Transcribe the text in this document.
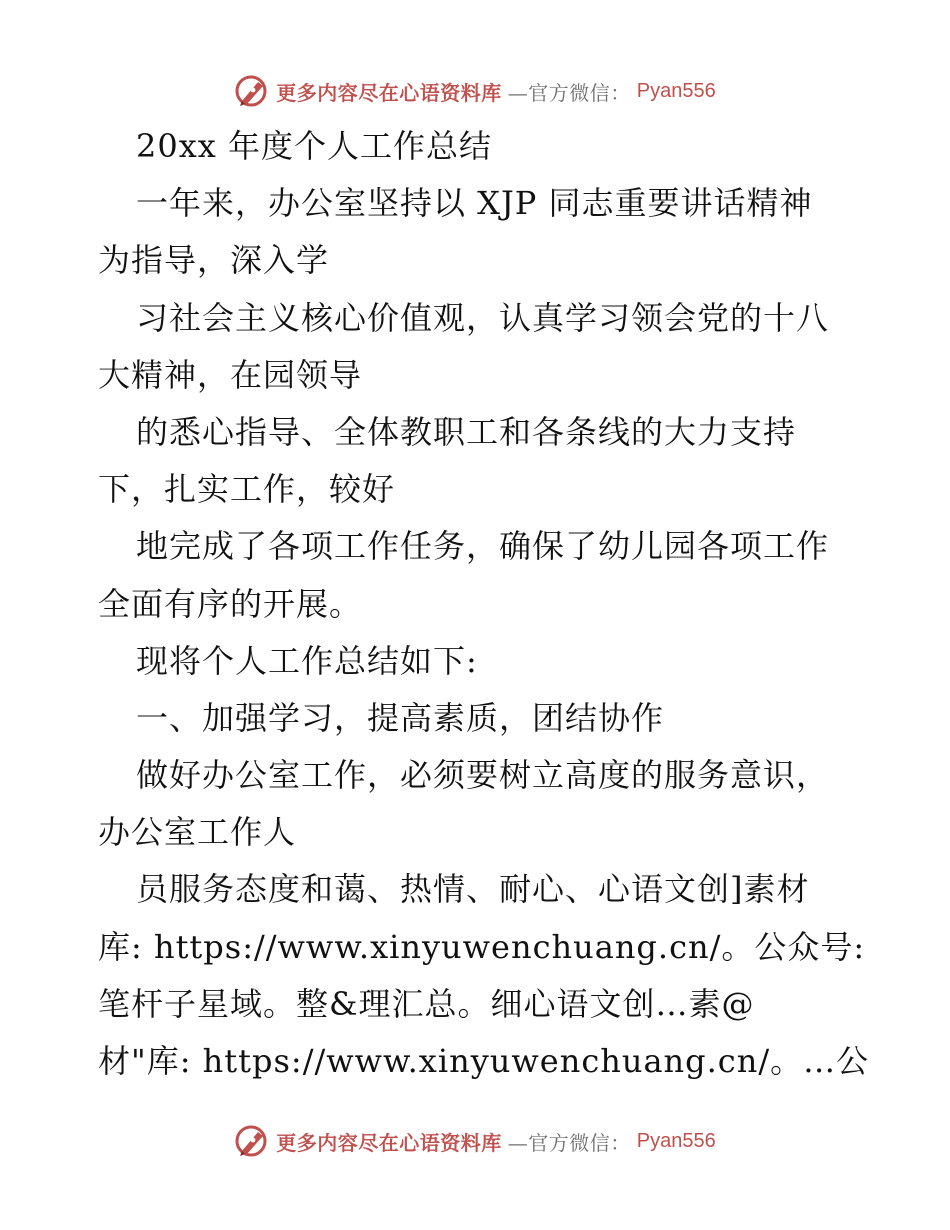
更多内容尽在心语资料库 —官方微信： Pyan556
20xx 年度个人工作总结
一年来，办公室坚持以 XJP 同志重要讲话精神
为指导，深入学
习社会主义核心价值观，认真学习领会党的十八
大精神，在园领导
的悉心指导、全体教职工和各条线的大力支持
下，扎实工作，较好
地完成了各项工作任务，确保了幼儿园各项工作
全面有序的开展。
现将个人工作总结如下:
一、加强学习，提高素质，团结协作
做好办公室工作，必须要树立高度的服务意识，
办公室工作人
员服务态度和蔼、热情、耐心、心语文创]素材
库: https://www.xinyuwenchuang.cn/。公众号:
笔杆子星域。整&理汇总。细心语文创…素@
材"库: https://www.xinyuwenchuang.cn/。…公
更多内容尽在心语资料库 —官方微信： Pyan556
